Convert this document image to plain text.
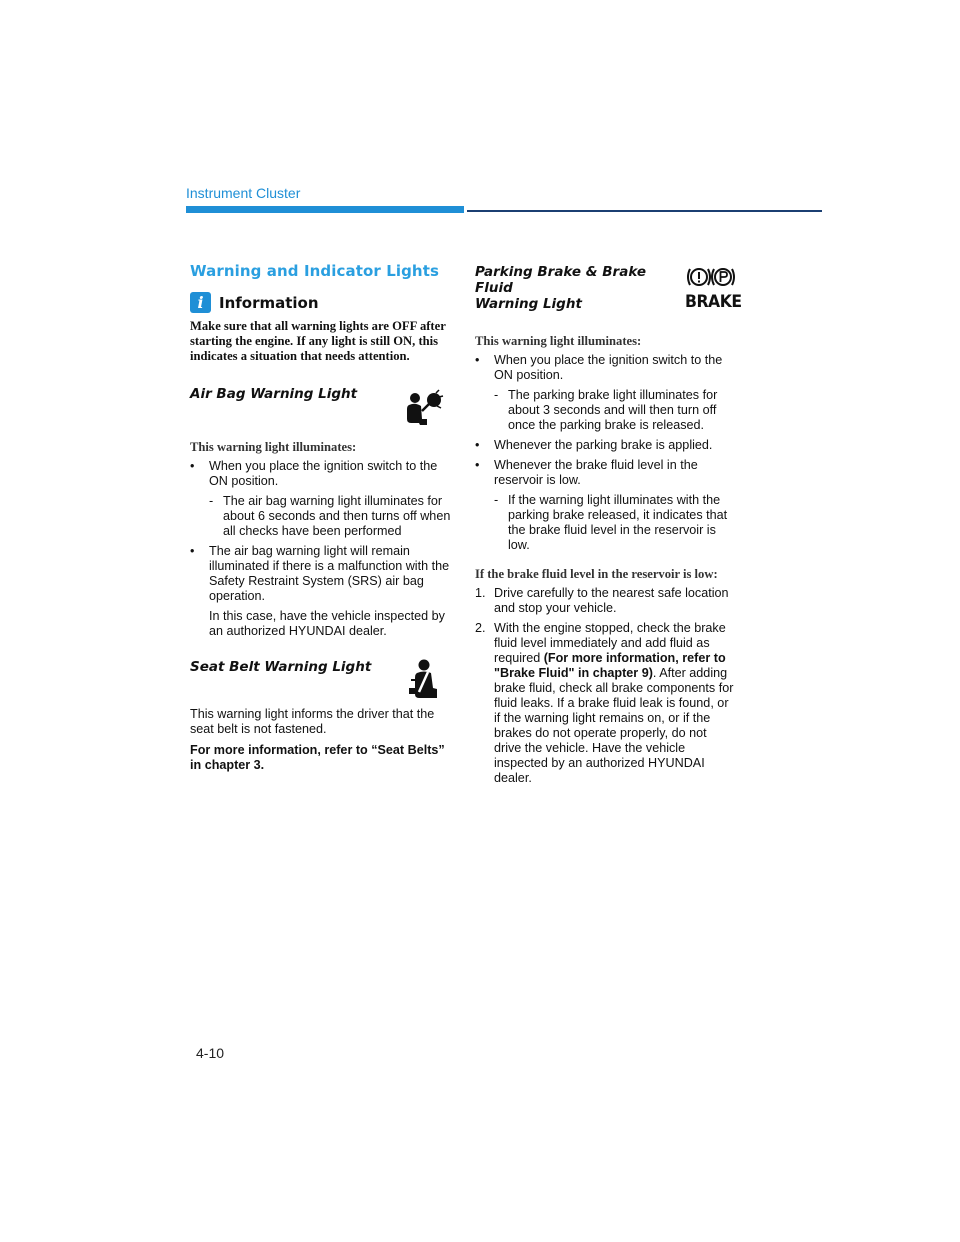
Instrument Cluster
Warning and Indicator Lights
i	Information

Make sure that all warning lights are OFF after starting the engine. If any light is still ON, this indicates a situation that needs attention.

Air Bag Warning Light

This warning light illuminates:

• When you place the ignition switch to the ON position.
- The air bag warning light illuminates for about 6 seconds and then turns off when all checks have been performed
• The air bag warning light will remain illuminated if there is a malfunction with the Safety Restraint System (SRS) air bag operation.

In this case, have the vehicle inspected by an authorized HYUNDAI dealer.

Seat Belt Warning Light

This warning light informs the driver that the seat belt is not fastened.

For more information, refer to “Seat Belts” in chapter 3.

Parking Brake & Brake Fluid
Warning Light	BRAKE

This warning light illuminates:

• When you place the ignition switch to the ON position.
- The parking brake light illuminates for about 3 seconds and will then turn off once the parking brake is released.
• Whenever the parking brake is applied.
• Whenever the brake fluid level in the reservoir is low.
- If the warning light illuminates with the parking brake released, it indicates that the brake fluid level in the reservoir is low.

If the brake fluid level in the reservoir is low:

1. Drive carefully to the nearest safe location and stop your vehicle.
2. With the engine stopped, check the brake fluid level immediately and add fluid as required (For more information, refer to "Brake Fluid" in chapter 9). After adding brake fluid, check all brake components for fluid leaks. If a brake fluid leak is found, or if the warning light remains on, or if the brakes do not operate properly, do not drive the vehicle. Have the vehicle inspected by an authorized HYUNDAI dealer.
4-10
